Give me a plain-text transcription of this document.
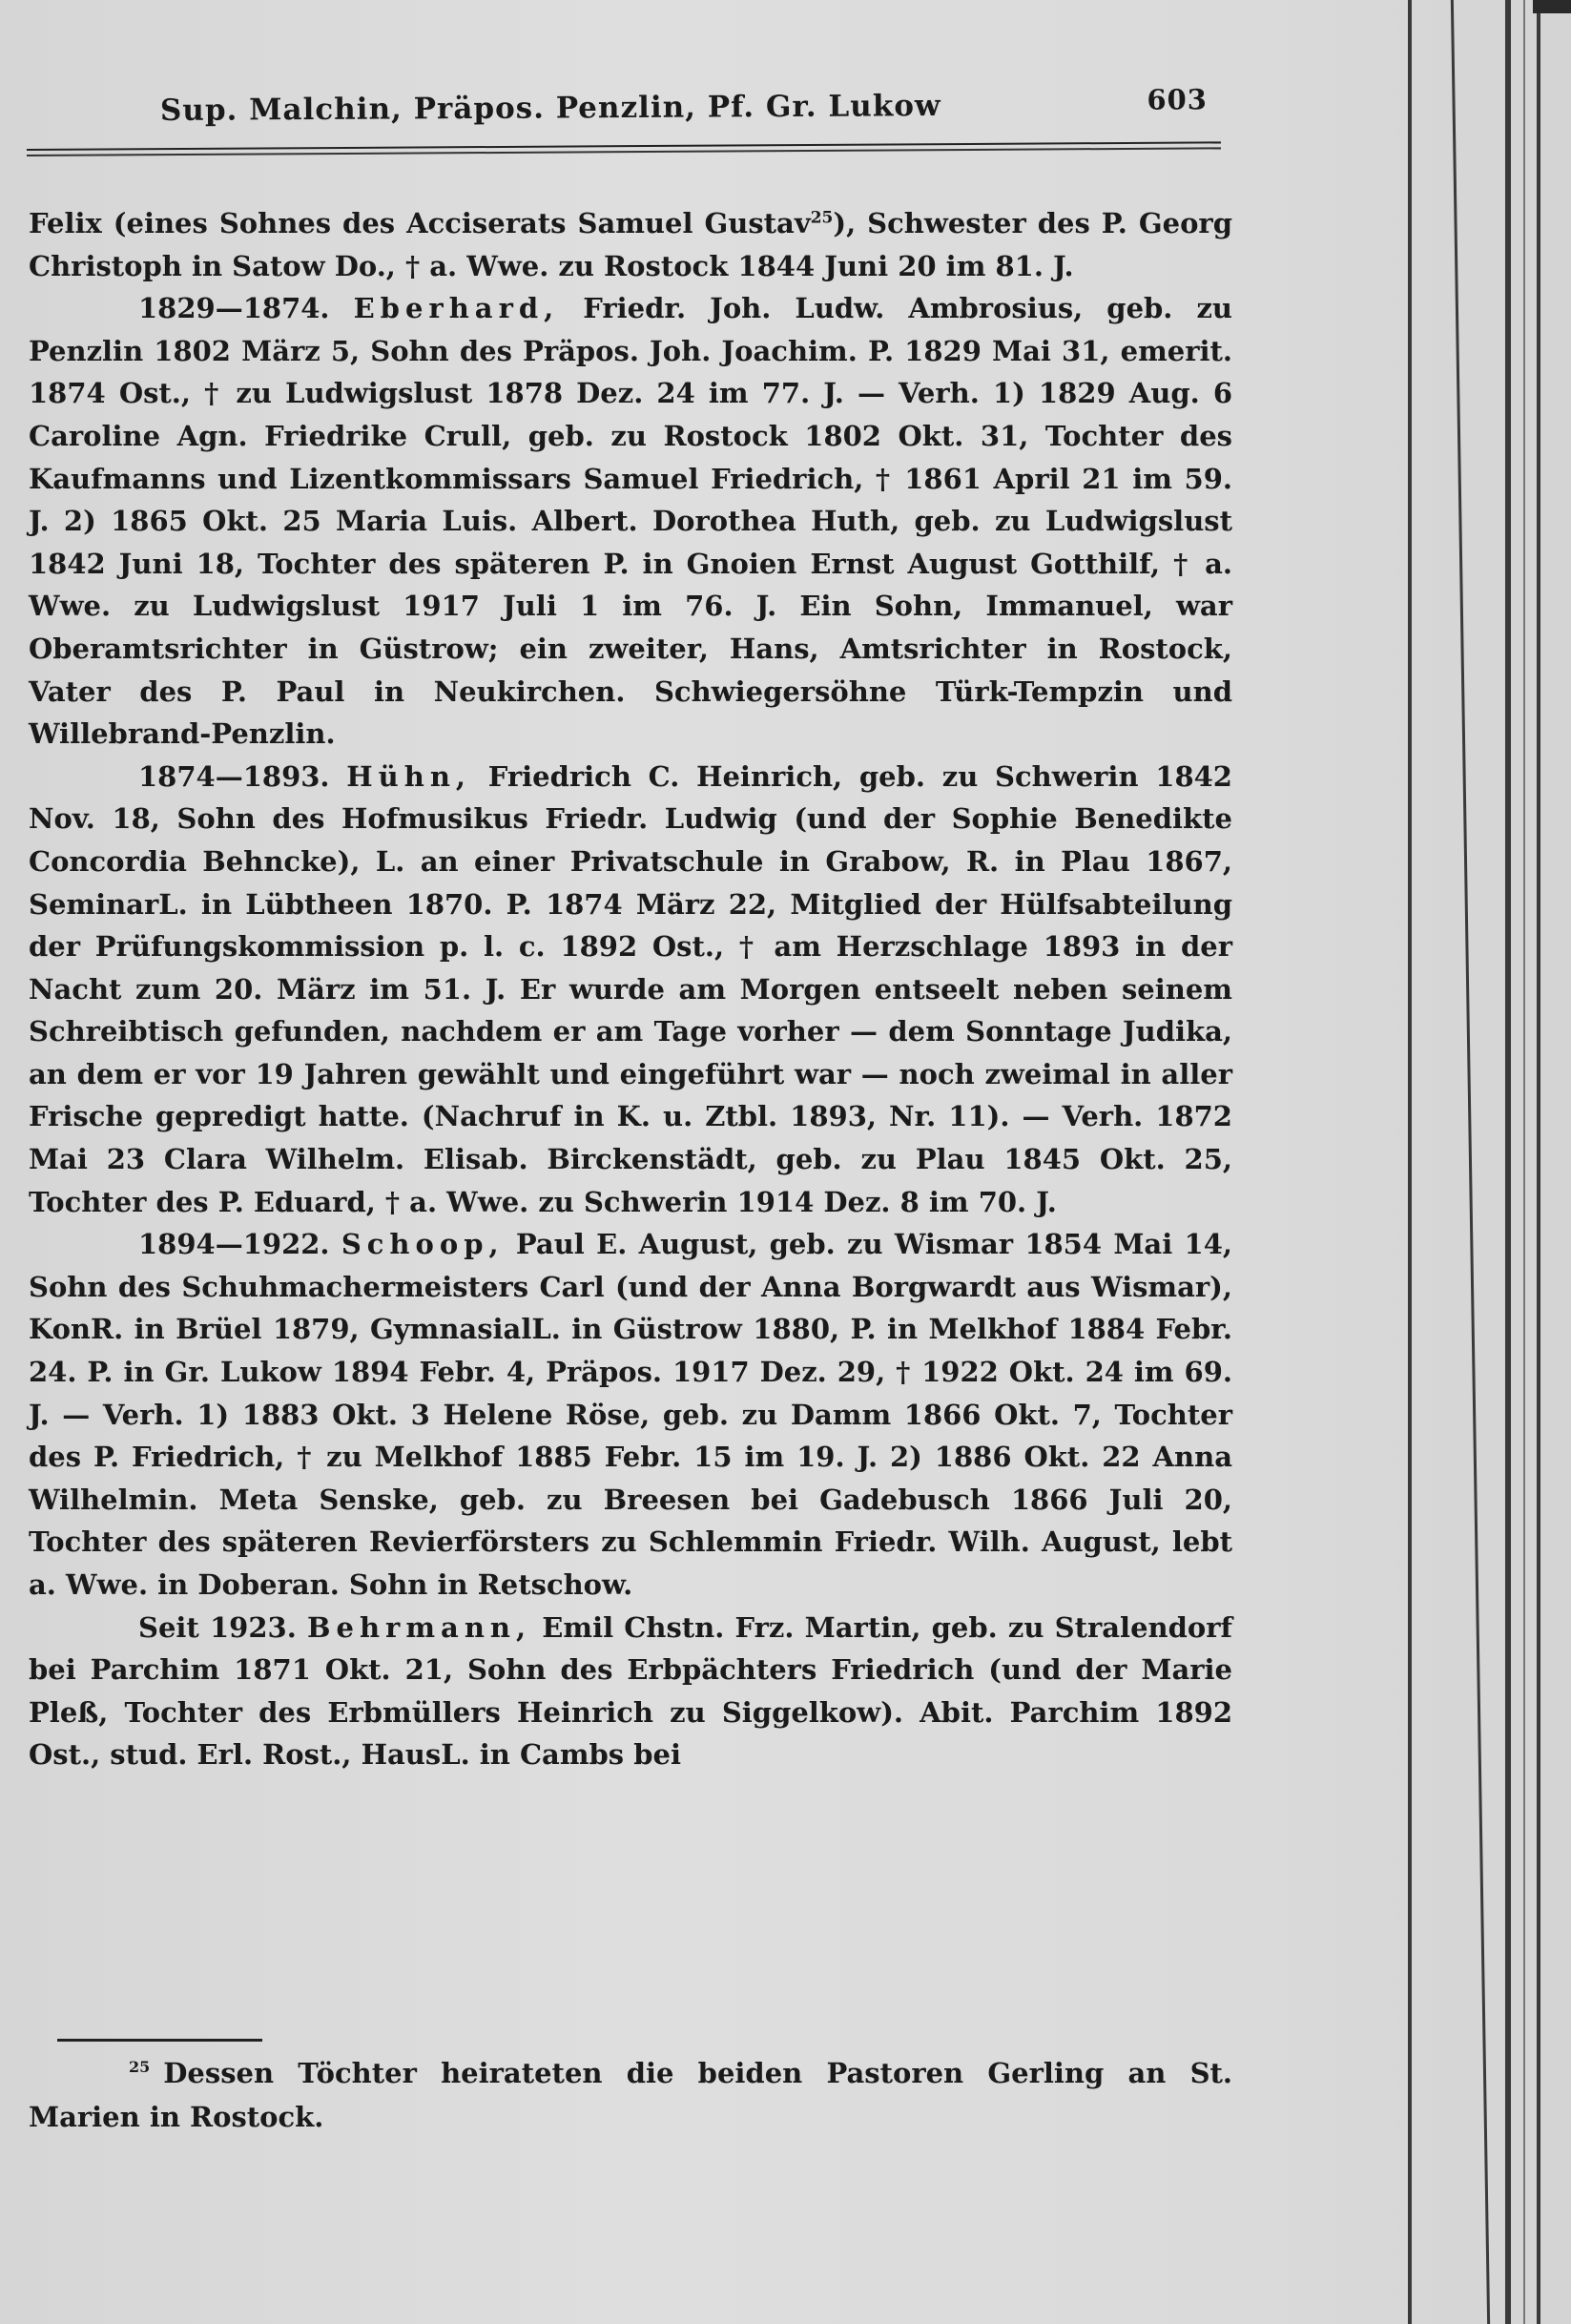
Sup. Malchin, Präpos. Penzlin, Pf. Gr. Lukow	603

Felix (eines Sohnes des Acciserats Samuel Gustav$^{25}$), Schwester des P. Georg Christoph in Satow Do., † a. Wwe. zu Rostock 1844 Juni 20 im 81. J.

1829—1874. Eberhard, Friedr. Joh. Ludw. Ambrosius, geb. zu Penzlin 1802 März 5, Sohn des Präpos. Joh. Joachim. P. 1829 Mai 31, emerit. 1874 Ost., † zu Ludwigslust 1878 Dez. 24 im 77. J. — Verh. 1) 1829 Aug. 6 Caroline Agn. Friedrike Crull, geb. zu Rostock 1802 Okt. 31, Tochter des Kaufmanns und Lizentkommissars Samuel Friedrich, † 1861 April 21 im 59. J. 2) 1865 Okt. 25 Maria Luis. Albert. Dorothea Huth, geb. zu Ludwigslust 1842 Juni 18, Tochter des späteren P. in Gnoien Ernst August Gotthilf, † a. Wwe. zu Ludwigslust 1917 Juli 1 im 76. J. Ein Sohn, Immanuel, war Oberamtsrichter in Güstrow; ein zweiter, Hans, Amtsrichter in Rostock, Vater des P. Paul in Neukirchen. Schwiegersöhne Türk-Tempzin und Willebrand-Penzlin.

1874—1893. Hühn, Friedrich C. Heinrich, geb. zu Schwerin 1842 Nov. 18, Sohn des Hofmusikus Friedr. Ludwig (und der Sophie Benedikte Concordia Behncke), L. an einer Privatschule in Grabow, R. in Plau 1867, SeminarL. in Lübtheen 1870. P. 1874 März 22, Mitglied der Hülfsabteilung der Prüfungskommission p. l. c. 1892 Ost., † am Herzschlage 1893 in der Nacht zum 20. März im 51. J. Er wurde am Morgen entseelt neben seinem Schreibtisch gefunden, nachdem er am Tage vorher — dem Sonntage Judika, an dem er vor 19 Jahren gewählt und eingeführt war — noch zweimal in aller Frische gepredigt hatte. (Nachruf in K. u. Ztbl. 1893, Nr. 11). — Verh. 1872 Mai 23 Clara Wilhelm. Elisab. Birckenstädt, geb. zu Plau 1845 Okt. 25, Tochter des P. Eduard, † a. Wwe. zu Schwerin 1914 Dez. 8 im 70. J.

1894—1922. Schoop, Paul E. August, geb. zu Wismar 1854 Mai 14, Sohn des Schuhmachermeisters Carl (und der Anna Borgwardt aus Wismar), KonR. in Brüel 1879, GymnasialL. in Güstrow 1880, P. in Melkhof 1884 Febr. 24. P. in Gr. Lukow 1894 Febr. 4, Präpos. 1917 Dez. 29, † 1922 Okt. 24 im 69. J. — Verh. 1) 1883 Okt. 3 Helene Röse, geb. zu Damm 1866 Okt. 7, Tochter des P. Friedrich, † zu Melkhof 1885 Febr. 15 im 19. J. 2) 1886 Okt. 22 Anna Wilhelmin. Meta Senske, geb. zu Breesen bei Gadebusch 1866 Juli 20, Tochter des späteren Revierförsters zu Schlemmin Friedr. Wilh. August, lebt a. Wwe. in Doberan. Sohn in Retschow.

Seit 1923. Behrmann, Emil Chstn. Frz. Martin, geb. zu Stralendorf bei Parchim 1871 Okt. 21, Sohn des Erbpächters Friedrich (und der Marie Pleß, Tochter des Erbmüllers Heinrich zu Siggelkow). Abit. Parchim 1892 Ost., stud. Erl. Rost., HausL. in Cambs bei

$^{25}$ Dessen Töchter heirateten die beiden Pastoren Gerling an St. Marien in Rostock.
